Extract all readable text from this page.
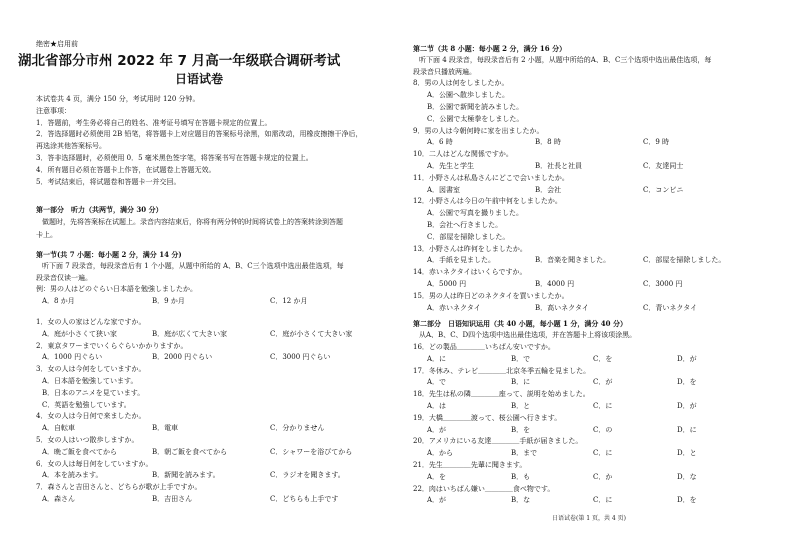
绝密★启用前
湖北省部分市州 2022 年 7 月高一年级联合调研考试
日语试卷
本试卷共 4 页，满分 150 分，考试用时 120 分钟。
注意事项：
1．答题前，考生务必将自己的姓名、准考证号填写在答题卡规定的位置上。
2．答选择题时必须使用 2B 铅笔，将答题卡上对应题目的答案标号涂黑，如需改动，用橡皮擦擦干净后，
再选涂其他答案标号。
3．答非选择题时，必须使用 0．5 毫米黑色签字笔，将答案书写在答题卡规定的位置上。
4．所有题目必须在答题卡上作答，在试题卷上答题无效。
5．考试结束后，将试题卷和答题卡一并交回。
第一部分　听力（共两节，满分 30 分）
做题时，先将答案标在试题上。录音内容结束后，你将有两分钟的时间将试卷上的答案转涂到答题
卡上。
第一节(共 7 小题：每小题 2 分，满分 14 分)
听下面 7 段录音，每段录音后有 1 个小题，从题中所给的 A、B、C三个选项中选出最佳选项，每
段录音仅读一遍。
例：男の人はどのぐらい日本語を勉強しましたか。
A．8 か月	B．9 か月	C．12 か月
1．女の人の家はどんな家ですか。
A．庭が小さくて狭い家	B．庭が広くて大きい家	C．庭が小さくて大きい家
2．東京タワーまでいくらぐらいかかりますか。
A．1000 円ぐらい	B．2000 円ぐらい	C．3000 円ぐらい
3．女の人は今何をしていますか。
A．日本語を勉強しています。
B．日本のアニメを見ています。
C．英語を勉強しています。
4．女の人は今日何で来ましたか。
A．自転車	B．電車	C．分かりません
5．女の人はいつ散歩しますか。
A．晩ご飯を食べてから	B．朝ご飯を食べてから	C．シャワーを浴びてから
6．女の人は毎日何をしていますか。
A．本を読みます。	B．新聞を読みます。	C．ラジオを聞きます。
7．森さんと吉田さんと、どちらが歌が上手ですか。
A．森さん	B．吉田さん	C．どちらも上手です
第二节（共 8 小题：每小题 2 分，满分 16 分）
听下面 4 段录音，每段录音后有 2 小题，从题中所给的A、B、C三个选项中选出最佳选项，每
段录音只播放两遍。
8．男の人は何をしましたか。
A．公園へ散歩しました。
B．公園で新聞を読みました。
C．公園で太極拳をしました。
9．男の人は今朝何時に家を出ましたか。
A．6 時	B．8 時	C．9 時
10．二人はどんな関係ですか。
A．先生と学生	B．社長と社員	C．友達同士
11．小野さんは私島さんにどこで会いましたか。
A．図書室	B．会社	C．コンビニ
12．小野さんは今日の午前中何をしましたか。
A．公園で写真を撮りました。
B．会社へ行きました。
C．部屋を掃除しました。
13．小野さんは昨何をしましたか。
A．手紙を見ました。	B．音楽を聞きました。	C．部屋を掃除しました。
14．赤いネクタイはいくらですか。
A．5000 円	B．4000 円	C．3000 円
15．男の人は昨日どのネクタイを買いましたか。
A．赤いネクタイ	B．高いネクタイ	C．青いネクタイ
第二部分　日语知识运用（共 40 小题，每小题 1 分，满分 40 分）
从A、B、C、D四个选项中选出最佳选项，并在答题卡上将该项涂黑。
16．どの製品＿＿＿＿いちばん安いですか。
A．に	B．で	C．を	D．が
17．冬休み、テレビ＿＿＿＿北京冬季五輪を見ました。
A．で	B．に	C．が	D．を
18．先生は私の隣＿＿＿＿座って、説明を始めました。
A．は	B．と	C．に	D．が
19．大橋＿＿＿＿渡って、桜公園へ行きます。
A．が	B．を	C．の	D．に
20．アメリカにいる友達＿＿＿＿手紙が届きました。
A．から	B．まで	C．に	D．と
21．先生＿＿＿＿先輩に聞きます。
A．を	B．も	C．か	D．な
22．肉はいちばん嫌い＿＿＿＿食べ物です。
A．が	B．な	C．に	D．を
日语试卷(第 1 页，共 4 页)
